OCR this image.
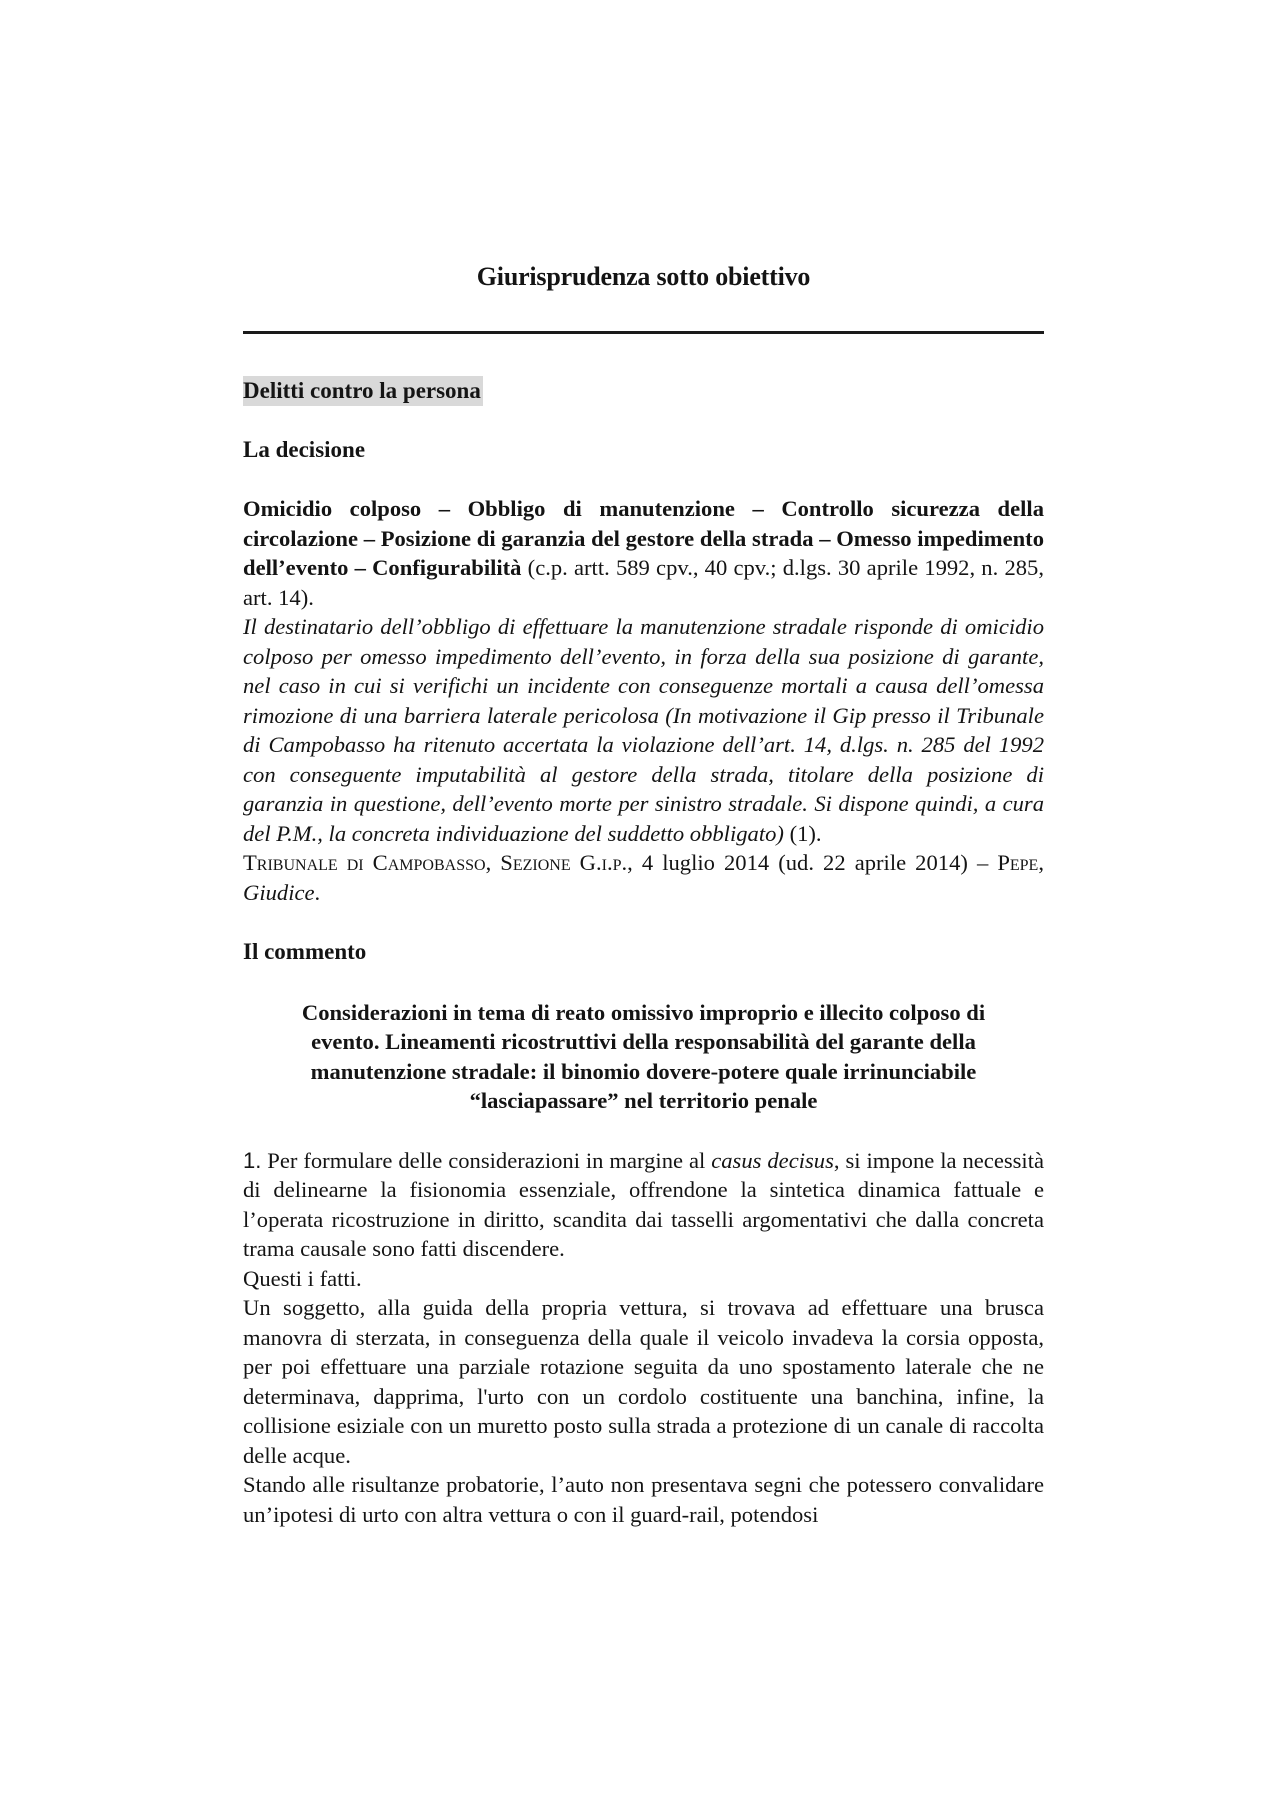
Giurisprudenza sotto obiettivo
Delitti contro la persona
La decisione
Omicidio colposo – Obbligo di manutenzione – Controllo sicurezza della circolazione – Posizione di garanzia del gestore della strada – Omesso impedimento dell’evento – Configurabilità (c.p. artt. 589 cpv., 40 cpv.; d.lgs. 30 aprile 1992, n. 285, art. 14).
Il destinatario dell’obbligo di effettuare la manutenzione stradale risponde di omicidio colposo per omesso impedimento dell’evento, in forza della sua posizione di garante, nel caso in cui si verifichi un incidente con conseguenze mortali a causa dell’omessa rimozione di una barriera laterale pericolosa (In motivazione il Gip presso il Tribunale di Campobasso ha ritenuto accertata la violazione dell’art. 14, d.lgs. n. 285 del 1992 con conseguente imputabilità al gestore della strada, titolare della posizione di garanzia in questione, dell’evento morte per sinistro stradale. Si dispone quindi, a cura del P.M., la concreta individuazione del suddetto obbligato) (1).
Tribunale di Campobasso, Sezione G.i.p., 4 luglio 2014 (ud. 22 aprile 2014) – Pepe, Giudice.
Il commento
Considerazioni in tema di reato omissivo improprio e illecito colposo di evento. Lineamenti ricostruttivi della responsabilità del garante della manutenzione stradale: il binomio dovere-potere quale irrinunciabile “lasciapassare” nel territorio penale

1. Per formulare delle considerazioni in margine al casus decisus, si impone la necessità di delinearne la fisionomia essenziale, offrendone la sintetica dinamica fattuale e l’operata ricostruzione in diritto, scandita dai tasselli argomentativi che dalla concreta trama causale sono fatti discendere.

Questi i fatti.

Un soggetto, alla guida della propria vettura, si trovava ad effettuare una brusca manovra di sterzata, in conseguenza della quale il veicolo invadeva la corsia opposta, per poi effettuare una parziale rotazione seguita da uno spostamento laterale che ne determinava, dapprima, l'urto con un cordolo costituente una banchina, infine, la collisione esiziale con un muretto posto sulla strada a protezione di un canale di raccolta delle acque.

Stando alle risultanze probatorie, l’auto non presentava segni che potessero convalidare un’ipotesi di urto con altra vettura o con il guard-rail, potendosi
